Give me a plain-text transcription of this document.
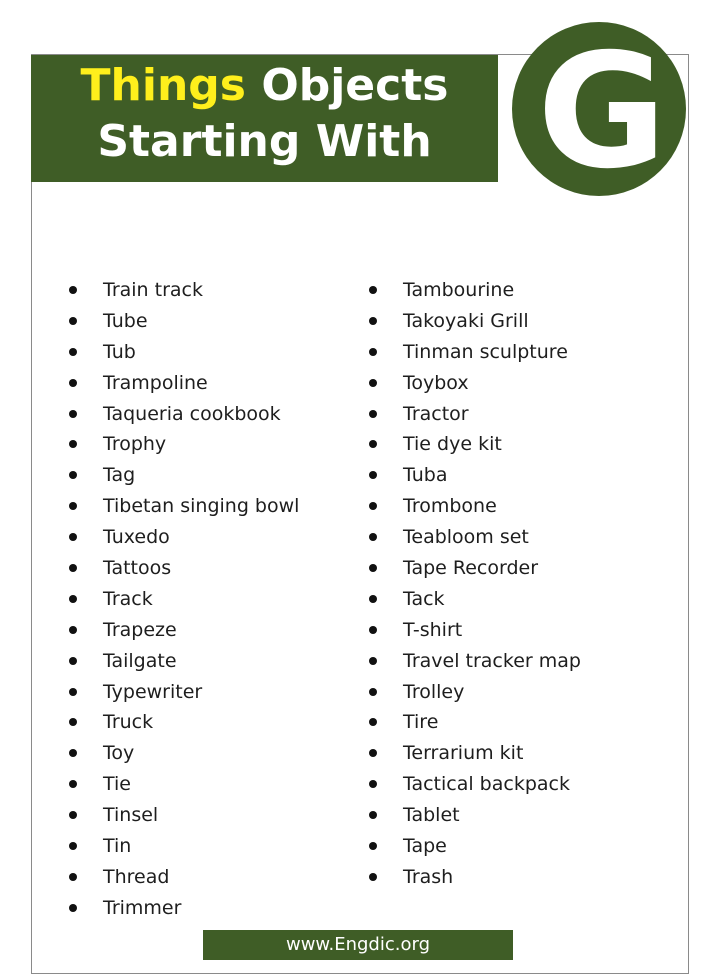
Things Objects
Starting With G
Train track
Tube
Tub
Trampoline
Taqueria cookbook
Trophy
Tag
Tibetan singing bowl
Tuxedo
Tattoos
Track
Trapeze
Tailgate
Typewriter
Truck
Toy
Tie
Tinsel
Tin
Thread
Trimmer
Tambourine
Takoyaki Grill
Tinman sculpture
Toybox
Tractor
Tie dye kit
Tuba
Trombone
Teabloom set
Tape Recorder
Tack
T-shirt
Travel tracker map
Trolley
Tire
Terrarium kit
Tactical backpack
Tablet
Tape
Trash
www.Engdic.org
